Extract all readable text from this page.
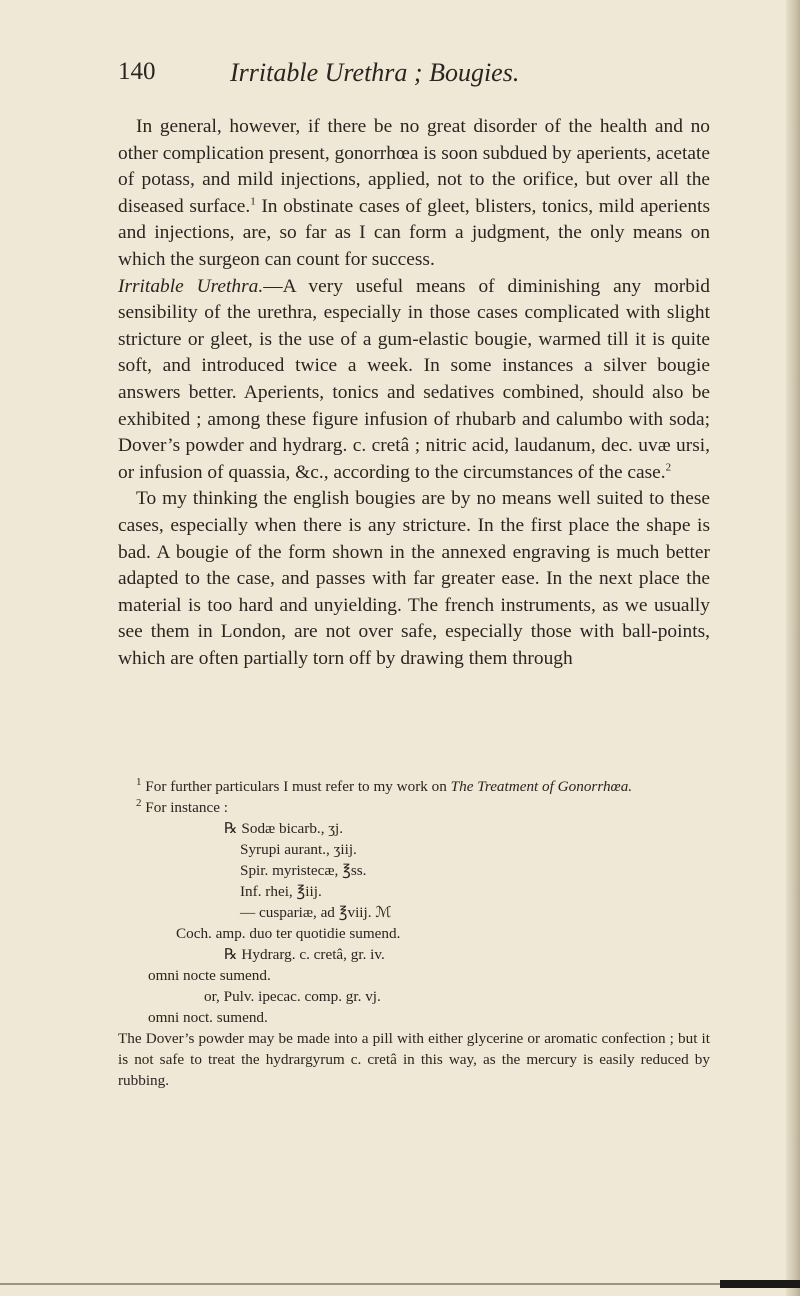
140	Irritable Urethra ; Bougies.

In general, however, if there be no great disorder of the health and no other complication present, gonorrhœa is soon subdued by aperients, acetate of potass, and mild injections, applied, not to the orifice, but over all the diseased surface.$^1$ In obstinate cases of gleet, blisters, tonics, mild aperients and injections, are, so far as I can form a judgment, the only means on which the surgeon can count for success.

Irritable Urethra.—A very useful means of diminishing any morbid sensibility of the urethra, especially in those cases complicated with slight stricture or gleet, is the use of a gum-elastic bougie, warmed till it is quite soft, and introduced twice a week. In some instances a silver bougie answers better. Aperients, tonics and sedatives combined, should also be exhibited ; among these figure infusion of rhubarb and calumbo with soda; Dover’s powder and hydrarg. c. cretâ ; nitric acid, laudanum, dec. uvæ ursi, or infusion of quassia, &c., according to the circumstances of the case.$^2$

To my thinking the english bougies are by no means well suited to these cases, especially when there is any stricture. In the first place the shape is bad. A bougie of the form shown in the annexed engraving is much better adapted to the case, and passes with far greater ease. In the next place the material is too hard and unyielding. The french instruments, as we usually see them in London, are not over safe, especially those with ball-points, which are often partially torn off by drawing them through

$^1$ For further particulars I must refer to my work on The Treatment of Gonorrhœa.

$^2$ For instance :

℞ Sodæ bicarb., ʒj.

Syrupi aurant., ʒiij.

Spir. myristecæ, ℥ss.

Inf. rhei, ℥iij.

— cuspariæ, ad ℥viij. ℳ

Coch. amp. duo ter quotidie sumend.

℞ Hydrarg. c. cretâ, gr. iv.

omni nocte sumend.

or, Pulv. ipecac. comp. gr. vj.

omni noct. sumend.

The Dover’s powder may be made into a pill with either glycerine or aromatic confection ; but it is not safe to treat the hydrargyrum c. cretâ in this way, as the mercury is easily reduced by rubbing.
